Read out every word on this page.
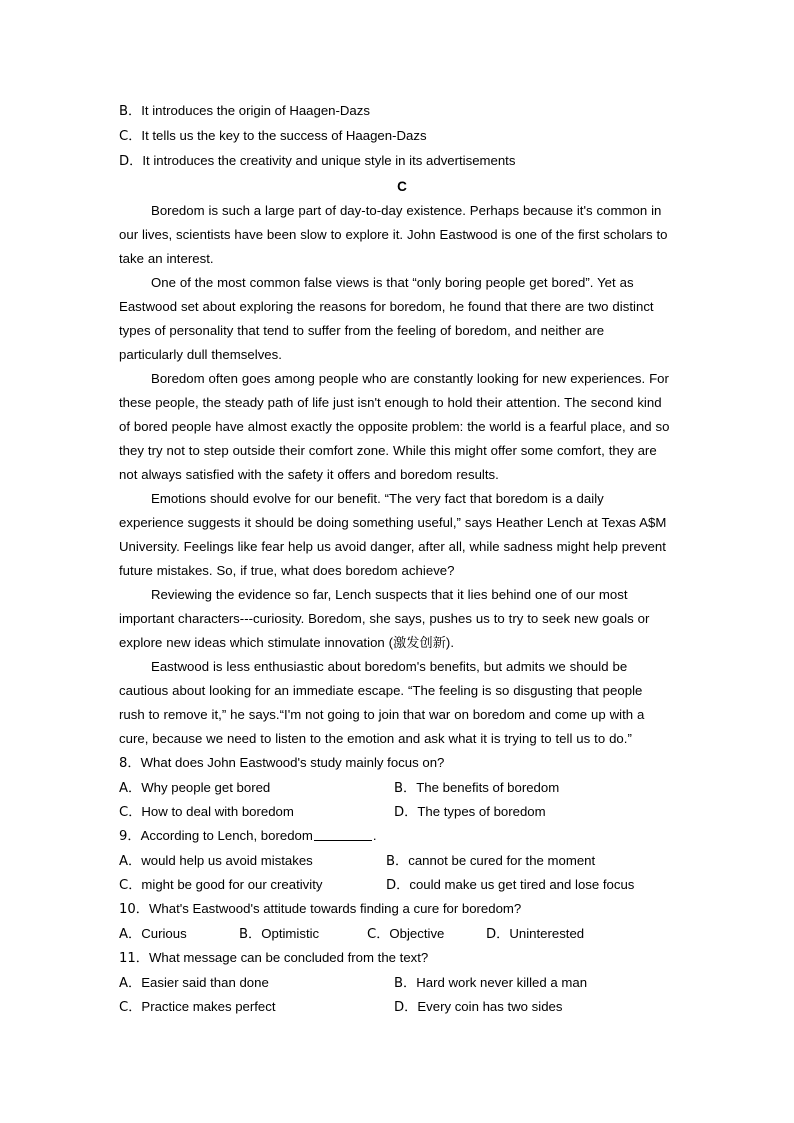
B．It introduces the origin of Haagen-Dazs
C．It tells us the key to the success of Haagen-Dazs
D．It introduces the creativity and unique style in its advertisements
C

Boredom is such a large part of day-to-day existence. Perhaps because it's common in our lives, scientists have been slow to explore it. John Eastwood is one of the first scholars to take an interest.

One of the most common false views is that “only boring people get bored”. Yet as Eastwood set about exploring the reasons for boredom, he found that there are two distinct types of personality that tend to suffer from the feeling of boredom, and neither are particularly dull themselves.

Boredom often goes among people who are constantly looking for new experiences. For these people, the steady path of life just isn't enough to hold their attention. The second kind of bored people have almost exactly the opposite problem: the world is a fearful place, and so they try not to step outside their comfort zone. While this might offer some comfort, they are not always satisfied with the safety it offers and boredom results.

Emotions should evolve for our benefit. “The very fact that boredom is a daily experience suggests it should be doing something useful,” says Heather Lench at Texas A$M University. Feelings like fear help us avoid danger, after all, while sadness might help prevent future mistakes. So, if true, what does boredom achieve?

Reviewing the evidence so far, Lench suspects that it lies behind one of our most important characters---curiosity. Boredom, she says, pushes us to try to seek new goals or explore new ideas which stimulate innovation (激发创新).

Eastwood is less enthusiastic about boredom's benefits, but admits we should be cautious about looking for an immediate escape. “The feeling is so disgusting that people rush to remove it,” he says.“I'm not going to join that war on boredom and come up with a cure, because we need to listen to the emotion and ask what it is trying to tell us to do.”

8．What does John Eastwood's study mainly focus on?
A．Why people get bored	B．The benefits of boredom
C．How to deal with boredom	D．The types of boredom
9．According to Lench, boredom	.
A．would help us avoid mistakes	B．cannot be cured for the moment
C．might be good for our creativity	D．could make us get tired and lose focus
10．What's Eastwood's attitude towards finding a cure for boredom?
A．Curious	B．Optimistic	C．Objective	D．Uninterested
11．What message can be concluded from the text?
A．Easier said than done	B．Hard work never killed a man
C．Practice makes perfect	D．Every coin has two sides
